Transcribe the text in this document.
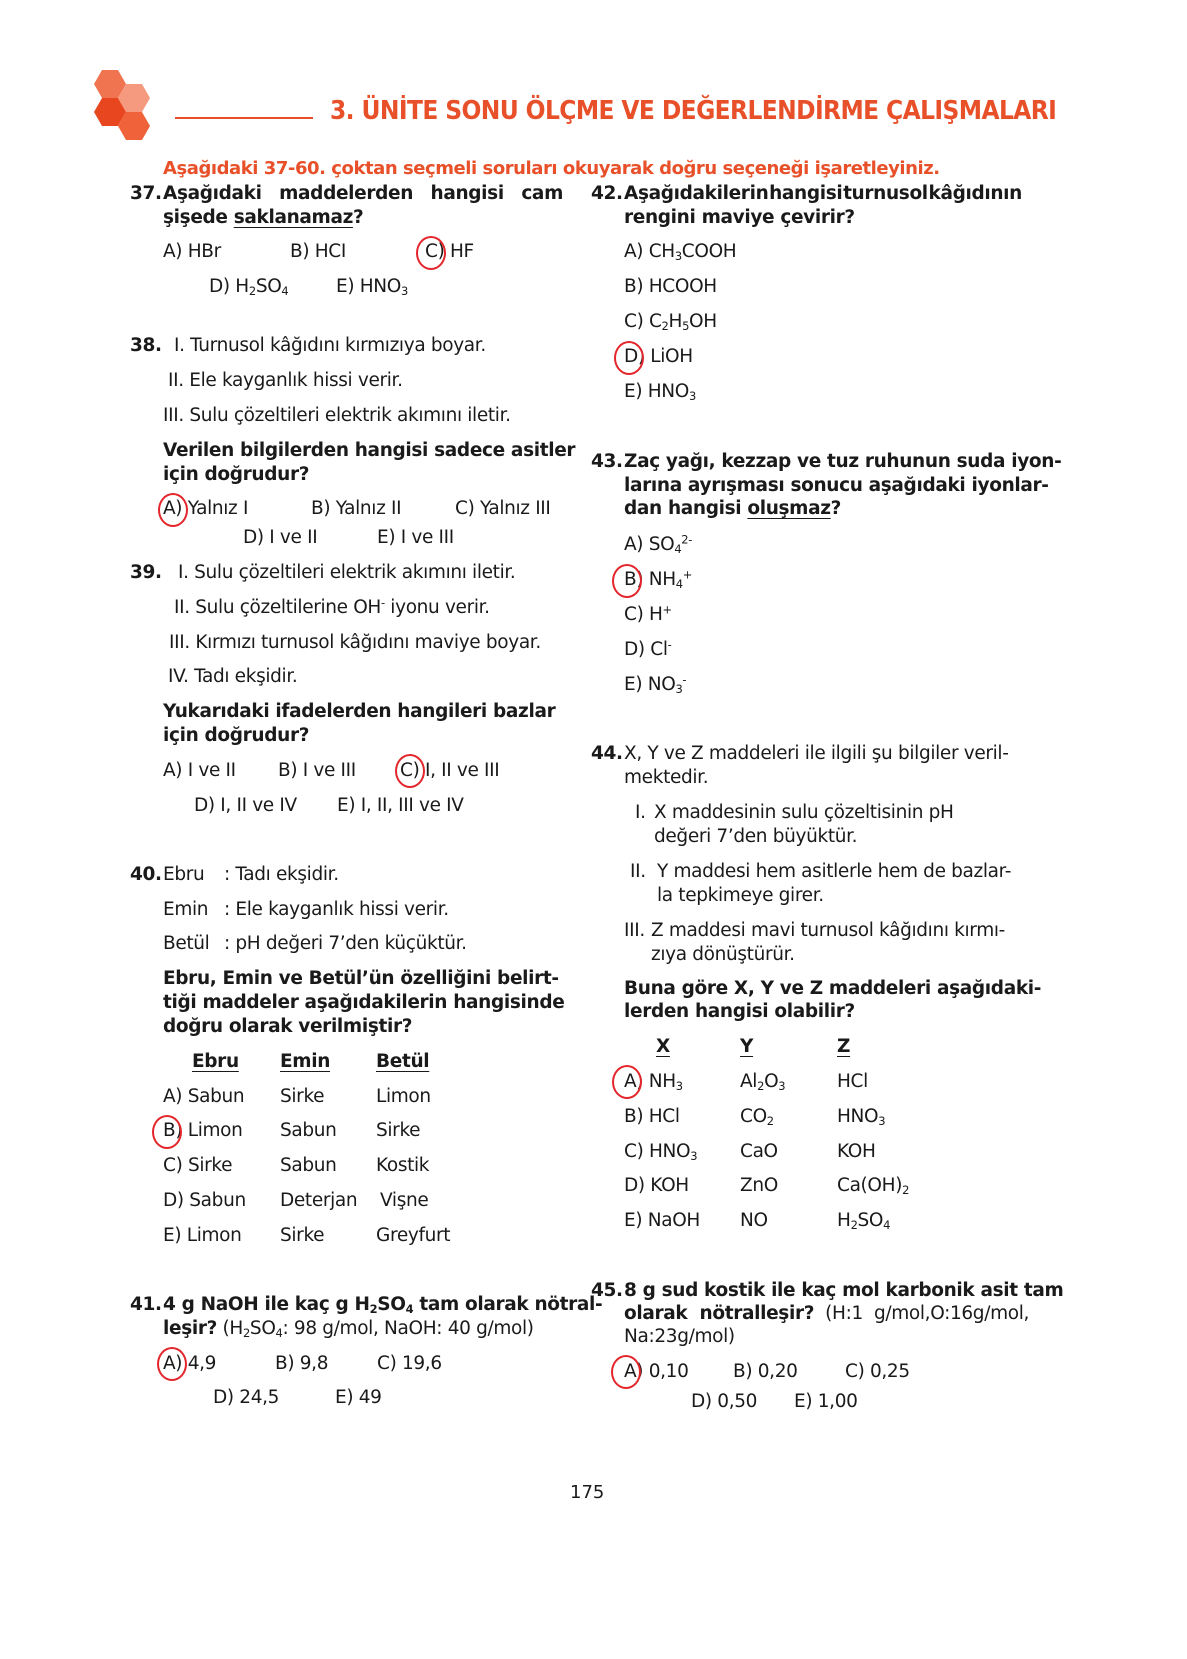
3. ÜNİTE SONU ÖLÇME VE DEĞERLENDİRME ÇALIŞMALARI
Aşağıdaki 37-60. çoktan seçmeli soruları okuyarak doğru seçeneği işaretleyiniz.
37. Aşağıdaki maddelerden hangisi cam
şişede saklanamaz?
A) HBr	B) HCI	C) HF
D) $H_2SO_4$	E) $HNO_3$
38. I. Turnusol kâğıdını kırmızıya boyar.
II. Ele kayganlık hissi verir.
III. Sulu çözeltileri elektrik akımını iletir.
Verilen bilgilerden hangisi sadece asitler
için doğrudur?
A) Yalnız I	B) Yalnız II	C) Yalnız III
D) I ve II	E) I ve III
39. I. Sulu çözeltileri elektrik akımını iletir.
II. Sulu çözeltilerine OH- iyonu verir.
III. Kırmızı turnusol kâğıdını maviye boyar.
IV. Tadı ekşidir.
Yukarıdaki ifadelerden hangileri bazlar
için doğrudur?
A) I ve II B) I ve III C) I, II ve III
D) I, II ve IV E) I, II, III ve IV
40. Ebru : Tadı ekşidir.
Emin : Ele kayganlık hissi verir.
Betül : pH değeri 7’den küçüktür.
Ebru, Emin ve Betül’ün özelliğini belirt-
tiği maddeler aşağıdakilerin hangisinde
doğru olarak verilmiştir?
Ebru Emin Betül
A) Sabun Sirke	Limon
B) Limon Sabun Sirke
C) Sirke	Sabun Kostik
D) Sabun Deterjan Vişne
E) Limon Sirke	Greyfurt
41. 4 g NaOH ile kaç g $H_2SO_4$ tam olarak nötral-
leşir? ($H_2SO_4$: 98 g/mol, NaOH: 40 g/mol)
A) 4,9	B) 9,8	C) 19,6
D) 24,5	E) 49
42. Aşağıdakilerin hangisi turnusol kâğıdının
rengini maviye çevirir?
A) $CH_3COOH$
B) HCOOH
C) $C_2H_5OH$
D) LiOH
E) $HNO_3$
43. Zaç yağı, kezzap ve tuz ruhunun suda iyon-
larına ayrışması sonucu aşağıdaki iyonlar-
dan hangisi oluşmaz?
A) $SO_4^{2-}$
B) $NH_4^+$
C) H+
D) Cl-
E) $NO_3^-$
44. X, Y ve Z maddeleri ile ilgili şu bilgiler veril-
mektedir.
I. X maddesinin sulu çözeltisinin pH
değeri 7’den büyüktür.
II. Y maddesi hem asitlerle hem de bazlar-
la tepkimeye girer.
III. Z maddesi mavi turnusol kâğıdını kırmı-
zıya dönüştürür.
Buna göre X, Y ve Z maddeleri aşağıdaki-
lerden hangisi olabilir?
X	Y	Z
A) $NH_3$	$Al_2O_3$	HCl
B) HCl	$CO_2$	$HNO_3$
C) $HNO_3$ CaO	KOH
D) KOH	ZnO	$Ca(OH)_2$
E) NaOH NO	$H_2SO_4$
45. 8 g sud kostik ile kaç mol karbonik asit tam
olarak  nötralleşir?  (H:1  g/mol,O:16g/mol,
Na:23g/mol)
A) 0,10 B) 0,20	C) 0,25
D) 0,50 E) 1,00
175
